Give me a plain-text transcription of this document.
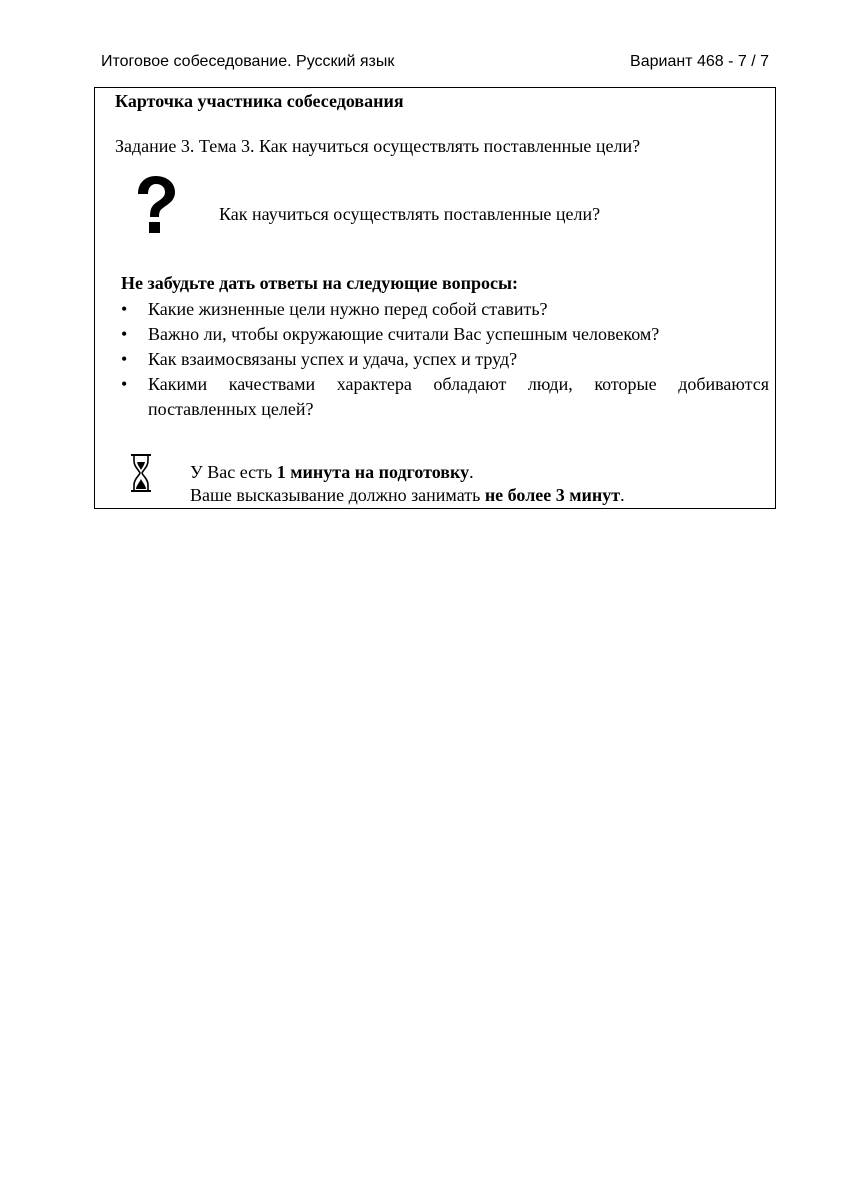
Итоговое собеседование. Русский язык	Вариант 468 - 7 / 7
Карточка участника собеседования
Задание 3. Тема 3. Как научиться осуществлять поставленные цели?
Как научиться осуществлять поставленные цели?
Не забудьте дать ответы на следующие вопросы:
•	Какие жизненные цели нужно перед собой ставить?
•	Важно ли, чтобы окружающие считали Вас успешным человеком?
•	Как взаимосвязаны успех и удача, успех и труд?
•	Какими качествами характера обладают люди, которые добиваются поставленных целей?
У Вас есть 1 минута на подготовку.
Ваше высказывание должно занимать не более 3 минут.
